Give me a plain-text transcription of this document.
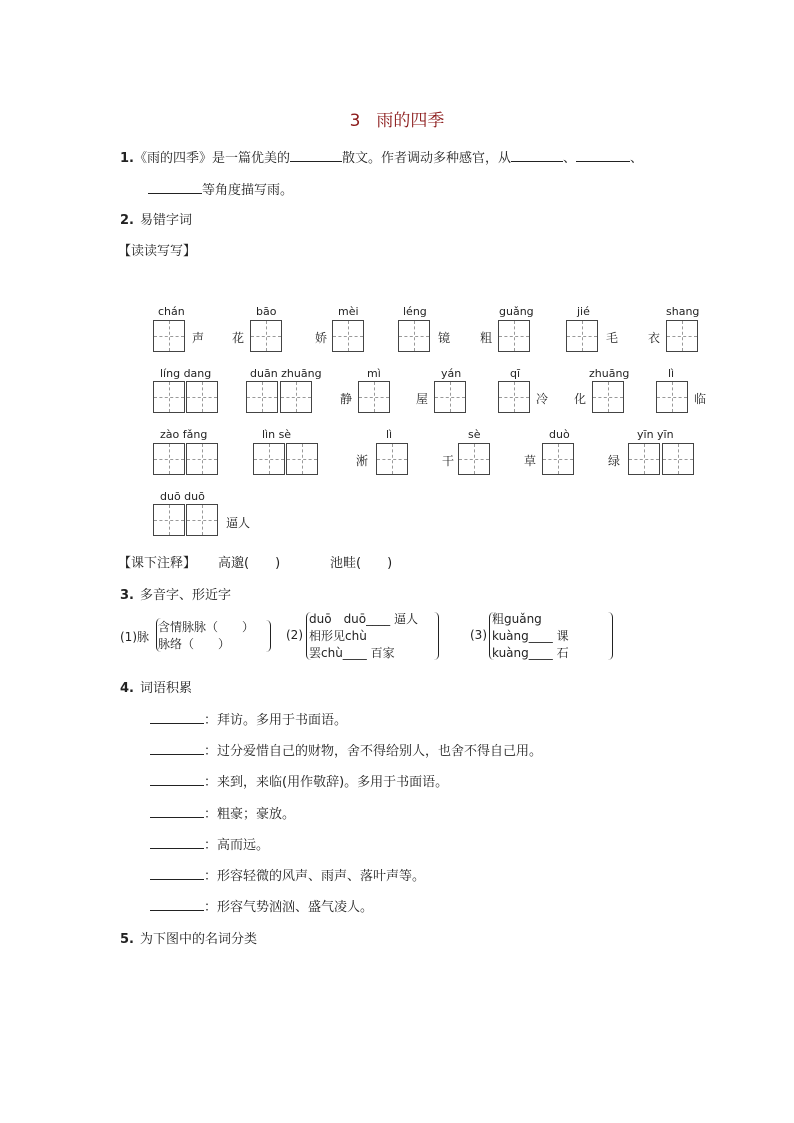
3 雨的四季
1.《雨的四季》是一篇优美的	散文。作者调动多种感官，从	、	、
等角度描写雨。
2. 易错字词
【读读写写】
chán
声
bāo
花
mèi
娇
léng
镜
guǎng
粗
jié
毛
shang
衣
líng dang	duān zhuāng	mì
静
yán
屋
qī
冷
zhuāng
化
lì
临
zào fǎng	lìn sè	lì
淅
sè
干
duò
草
yīn yīn
绿
duō duō
逼人
【课下注释】 高邈(　　)	池畦(　　)
3. 多音字、形近字
(1)脉
含情脉脉（　　）
脉络（　　）
(2)
duō　duō____ 逼人
相形见chù
罢chù____ 百家
(3)
粗guǎng
kuàng____ 课
kuàng____ 石
4. 词语积累
：拜访。多用于书面语。
：过分爱惜自己的财物，舍不得给别人，也舍不得自己用。
：来到，来临(用作敬辞)。多用于书面语。
：粗豪；豪放。
：高而远。
：形容轻微的风声、雨声、落叶声等。
：形容气势汹汹、盛气凌人。
5. 为下图中的名词分类
